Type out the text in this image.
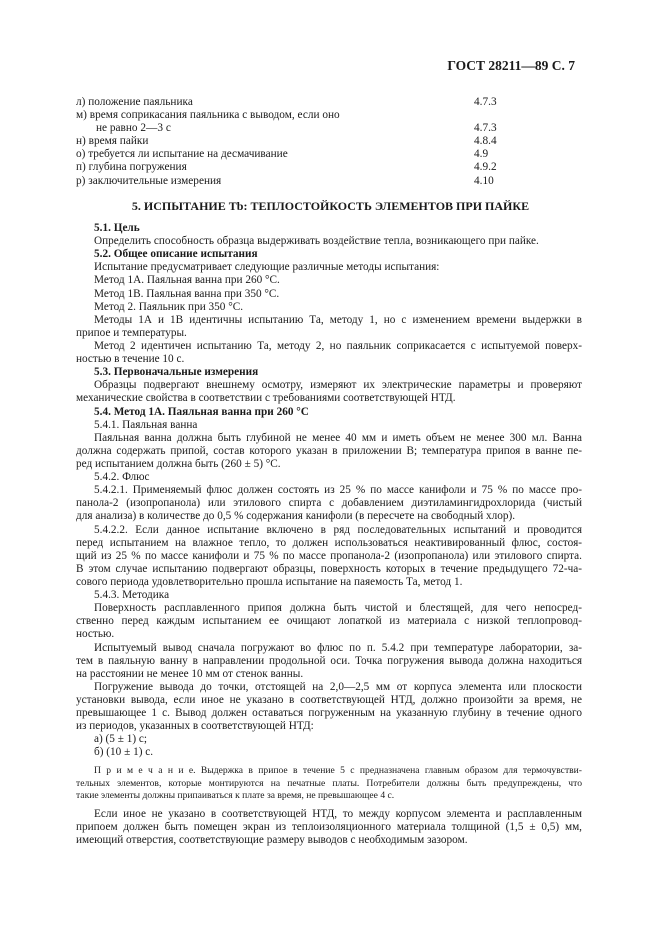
ГОСТ 28211—89 С. 7
л) положение паяльника	4.7.3
м) время соприкасания паяльника с выводом, если оно
не равно 2—3 с	4.7.3
н) время пайки	4.8.4
о) требуется ли испытание на десмачивание	4.9
п) глубина погружения	4.9.2
р) заключительные измерения	4.10
5. ИСПЫТАНИЕ Tb: ТЕПЛОСТОЙКОСТЬ ЭЛЕМЕНТОВ ПРИ ПАЙКЕ
5.1. Цель
Определить способность образца выдерживать воздействие тепла, возникающего при пайке.
5.2. Общее описание испытания
Испытание предусматривает следующие различные методы испытания:
Метод 1А. Паяльная ванна при 260 °С.
Метод 1В. Паяльная ванна при 350 °С.
Метод 2. Паяльник при 350 °С.
Методы 1А и 1В идентичны испытанию Та, методу 1, но с изменением времени выдержки в
припое и температуры.
Метод 2 идентичен испытанию Та, методу 2, но паяльник соприкасается с испытуемой поверх-
ностью в течение 10 с.
5.3. Первоначальные измерения
Образцы подвергают внешнему осмотру, измеряют их электрические параметры и проверяют
механические свойства в соответствии с требованиями соответствующей НТД.
5.4. Метод 1А. Паяльная ванна при 260 °С
5.4.1. Паяльная ванна
Паяльная ванна должна быть глубиной не менее 40 мм и иметь объем не менее 300 мл. Ванна
должна содержать припой, состав которого указан в приложении В; температура припоя в ванне пе-
ред испытанием должна быть (260 ± 5) °С.
5.4.2. Флюс
5.4.2.1. Применяемый флюс должен состоять из 25 % по массе канифоли и 75 % по массе про-
панола-2 (изопропанола) или этилового спирта с добавлением диэтиламингидрохлорида (чистый
для анализа) в количестве до 0,5 % содержания канифоли (в пересчете на свободный хлор).
5.4.2.2. Если данное испытание включено в ряд последовательных испытаний и проводится
перед испытанием на влажное тепло, то должен использоваться неактивированный флюс, состоя-
щий из 25 % по массе канифоли и 75 % по массе пропанола-2 (изопропанола) или этилового спирта.
В этом случае испытанию подвергают образцы, поверхность которых в течение предыдущего 72-ча-
сового периода удовлетворительно прошла испытание на паяемость Та, метод 1.
5.4.3. Методика
Поверхность расплавленного припоя должна быть чистой и блестящей, для чего непосред-
ственно перед каждым испытанием ее очищают лопаткой из материала с низкой теплопровод-
ностью.
Испытуемый вывод сначала погружают во флюс по п. 5.4.2 при температуре лаборатории, за-
тем в паяльную ванну в направлении продольной оси. Точка погружения вывода должна находиться
на расстоянии не менее 10 мм от стенок ванны.
Погружение вывода до точки, отстоящей на 2,0—2,5 мм от корпуса элемента или плоскости
установки вывода, если иное не указано в соответствующей НТД, должно произойти за время, не
превышающее 1 с. Вывод должен оставаться погруженным на указанную глубину в течение одного
из периодов, указанных в соответствующей НТД:
а) (5 ± 1) с;
б) (10 ± 1) с.
П р и м е ч а н и е. Выдержка в припое в течение 5 с предназначена главным образом для термочувстви-
тельных элементов, которые монтируются на печатные платы. Потребители должны быть предупреждены, что
такие элементы должны припаиваться к плате за время, не превышающее 4 с.
Если иное не указано в соответствующей НТД, то между корпусом элемента и расплавленным
припоем должен быть помещен экран из теплоизоляционного материала толщиной (1,5 ± 0,5) мм,
имеющий отверстия, соответствующие размеру выводов с необходимым зазором.
